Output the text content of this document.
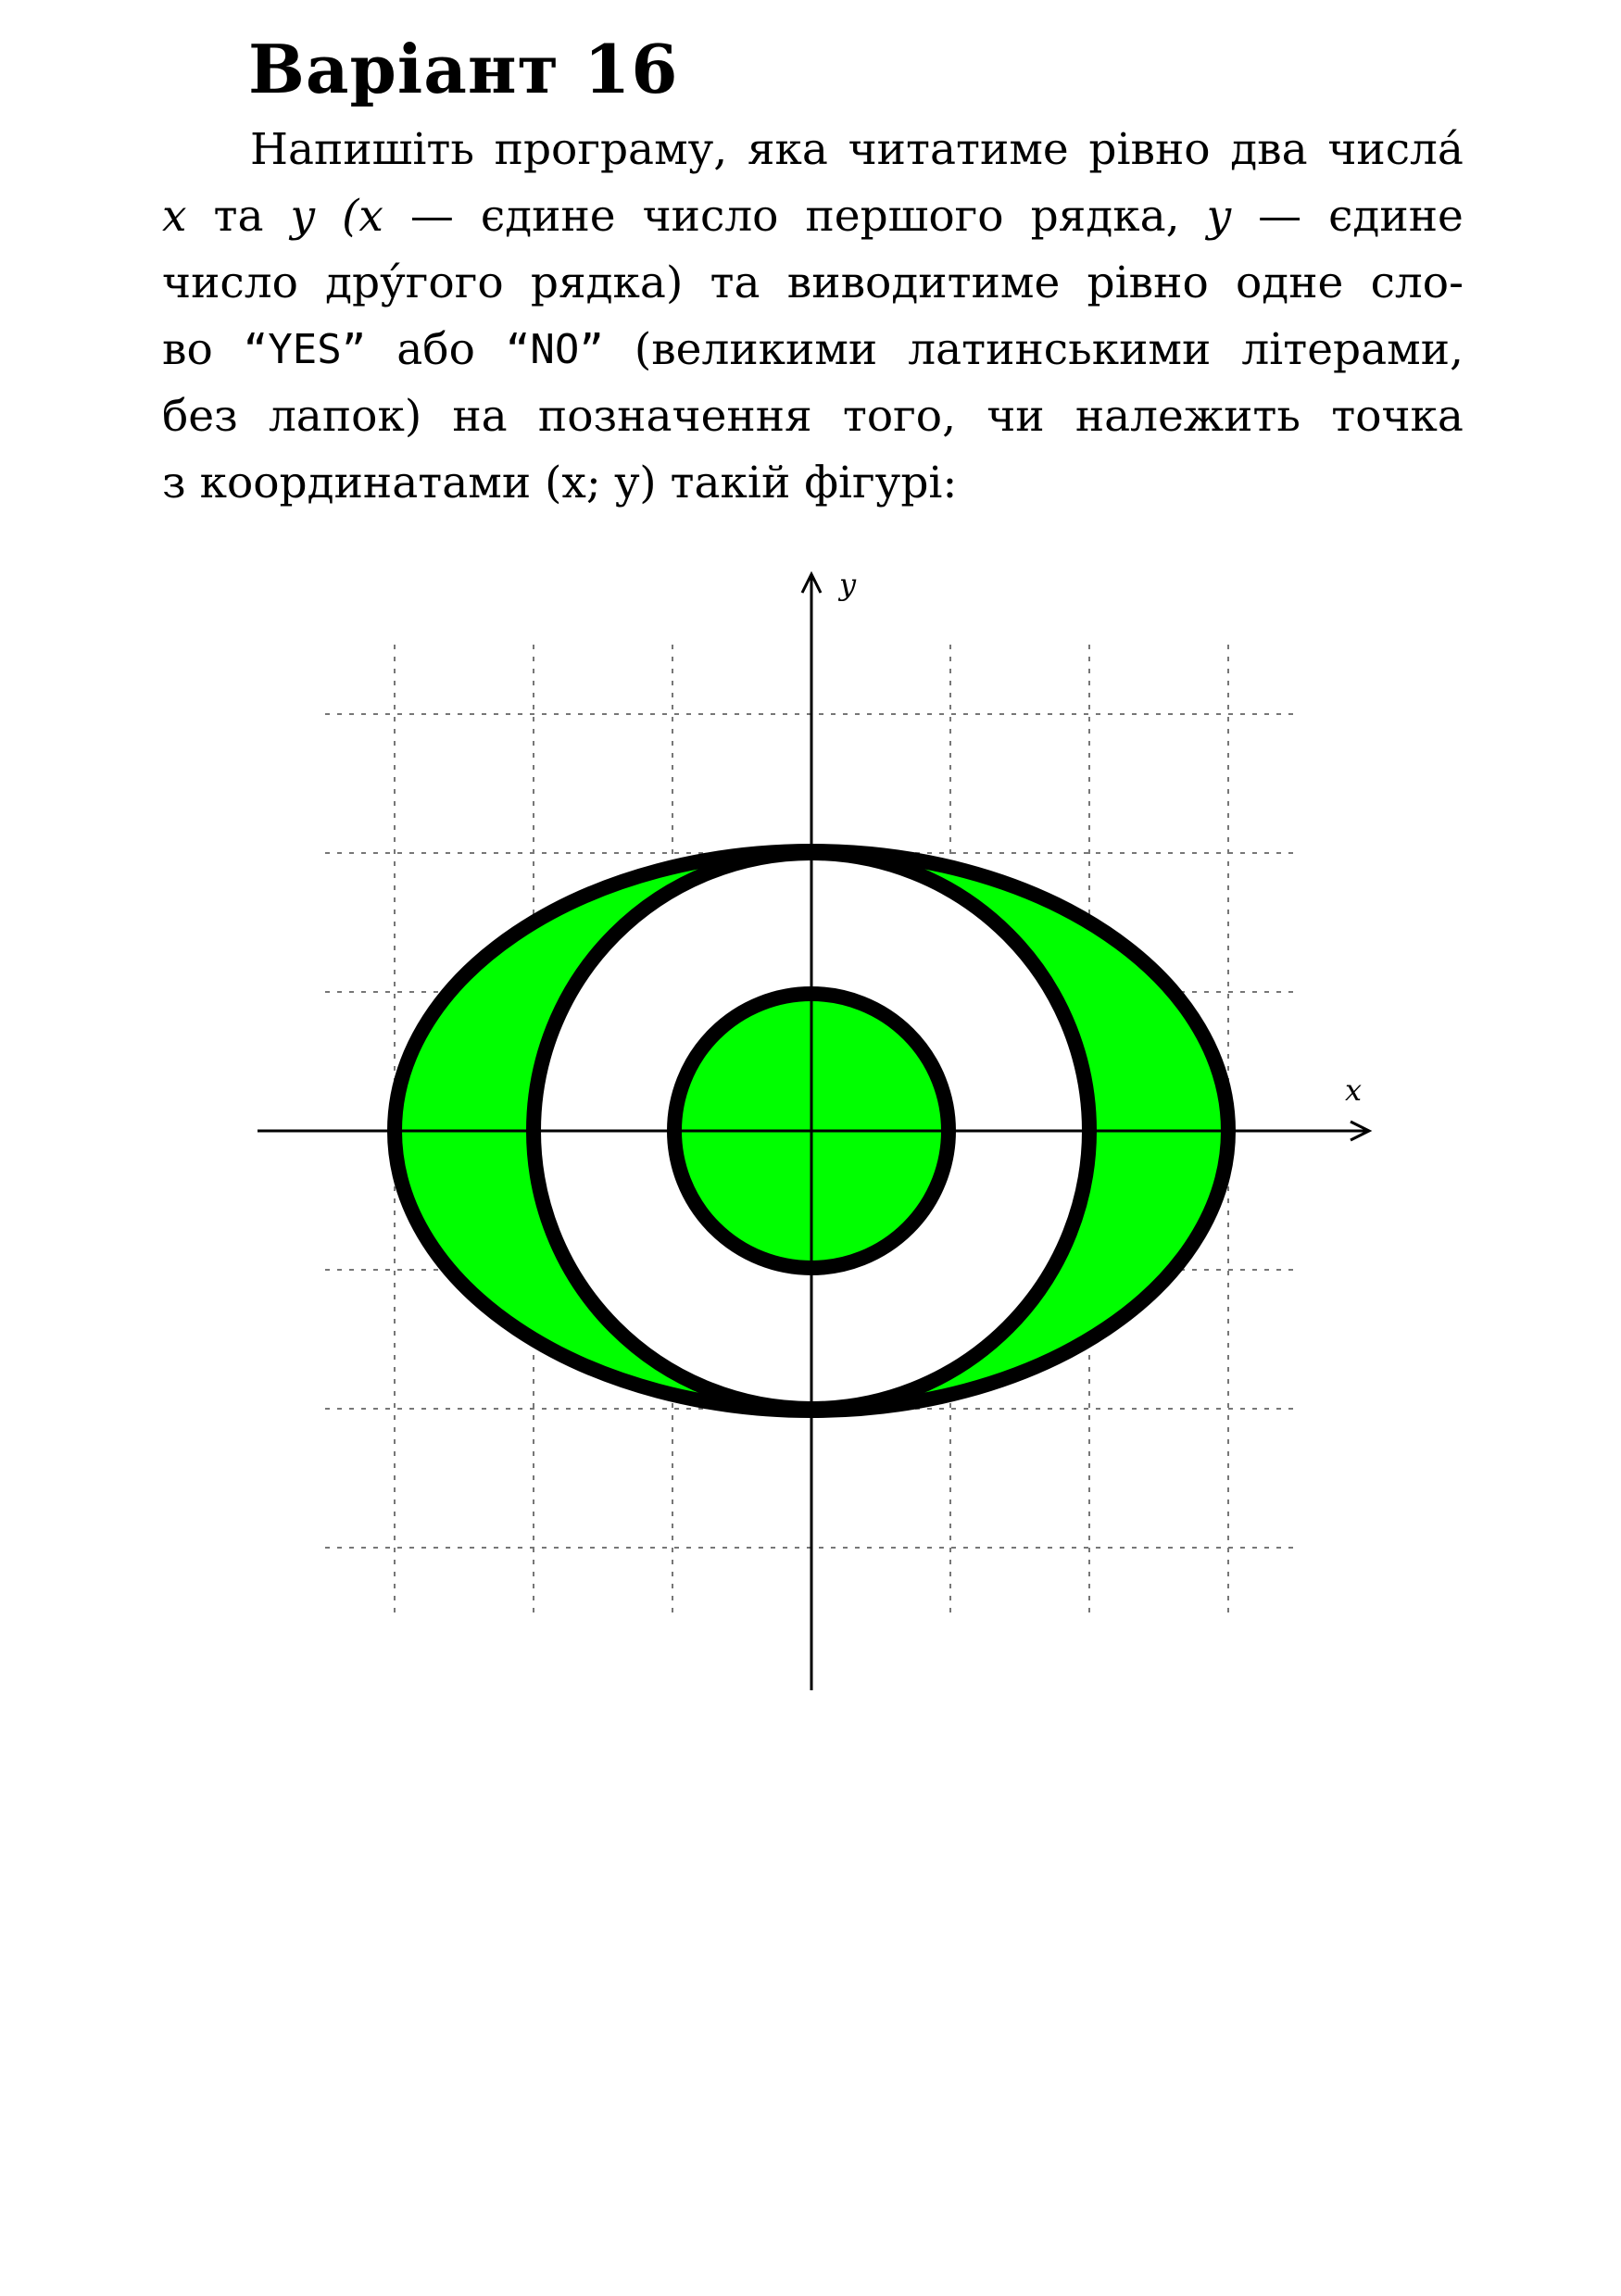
Варіант 16
Напишіть програму, яка читатиме рівно два числа́
x та y (x — єдине число першого рядка, y — єдине
число дру́гого рядка) та виводитиме рівно одне сло-
во “YES” або “NO” (великими латинськими літерами,
без лапок) на позначення того, чи належить точка
з координатами (x; y) такій фігурі:
x
y
